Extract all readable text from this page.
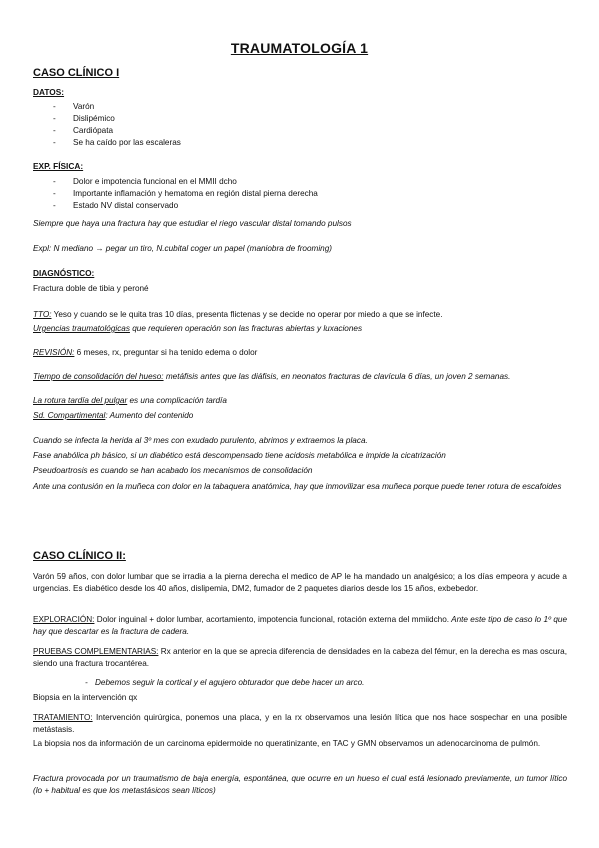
TRAUMATOLOGÍA 1
CASO CLÍNICO I
DATOS:
- Varón
- Dislipémico
- Cardiópata
- Se ha caído por las escaleras
EXP. FÍSICA:
- Dolor e impotencia funcional en el MMII dcho
- Importante inflamación y hematoma en región distal pierna derecha
- Estado NV distal conservado
Siempre que haya una fractura hay que estudiar el riego vascular distal tomando pulsos
Expl: N mediano → pegar un tiro, N.cubital coger un papel (maniobra de frooming)
DIAGNÓSTICO:
Fractura doble de tibia y peroné
TTO: Yeso y cuando se le quita tras 10 días, presenta flictenas y se decide no operar por miedo a que se infecte.
Urgencias traumatológicas que requieren operación son las fracturas abiertas y luxaciones
REVISIÓN: 6 meses, rx, preguntar si ha tenido edema o dolor
Tiempo de consolidación del hueso: metáfisis antes que las diáfisis, en neonatos fracturas de clavícula 6 días, un joven 2 semanas.
La rotura tardía del pulgar es una complicación tardía
Sd. Compartimental: Aumento del contenido
Cuando se infecta la herida al 3º mes con exudado purulento, abrimos y extraemos la placa.
Fase anabólica ph básico, si un diabético está descompensado tiene acidosis metabólica e impide la cicatrización
Pseudoartrosis es cuando se han acabado los mecanismos de consolidación
Ante una contusión en la muñeca con dolor en la tabaquera anatómica, hay que inmovilizar esa muñeca porque puede tener rotura de escafoides
CASO CLÍNICO II:
Varón 59 años, con dolor lumbar que se irradia a la pierna derecha el medico de AP le ha mandado un analgésico; a los días empeora y acude a urgencias. Es diabético desde los 40 años, dislipemia, DM2, fumador de 2 paquetes diarios desde los 15 años, exbebedor.
EXPLORACIÓN: Dolor inguinal + dolor lumbar, acortamiento, impotencia funcional, rotación externa del mmiidcho. Ante este tipo de caso lo 1º que hay que descartar es la fractura de cadera.
PRUEBAS COMPLEMENTARIAS: Rx anterior en la que se aprecia diferencia de densidades en la cabeza del fémur, en la derecha es mas oscura, siendo una fractura trocantérea.
- Debemos seguir la cortical y el agujero obturador que debe hacer un arco.
Biopsia en la intervención qx
TRATAMIENTO: Intervención quirúrgica, ponemos una placa, y en la rx observamos una lesión lítica que nos hace sospechar en una posible metástasis.
La biopsia nos da información de un carcinoma epidermoide no queratinizante, en TAC y GMN observamos un adenocarcinoma de pulmón.
Fractura provocada por un traumatismo de baja energía, espontánea, que ocurre en un hueso el cual está lesionado previamente, un tumor lítico (lo + habitual es que los metastásicos sean líticos)
